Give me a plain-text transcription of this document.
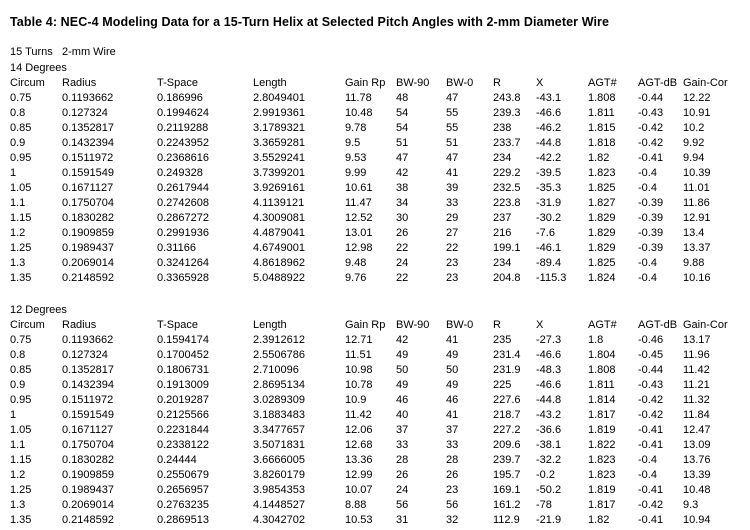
Table 4: NEC-4 Modeling Data for a 15-Turn Helix at Selected Pitch Angles with 2-mm Diameter Wire
15 Turns 2-mm Wire
14 Degrees
Circum Radius	T-Space	Length	Gain Rp BW-90 BW-0 R	X	AGT# AGT-dB Gain-Cor
0.75	0.1193662	0.186996	2.8049401	11.78 48	47	243.8 -43.1 1.808 -0.44 12.22
0.8	0.127324	0.1994624	2.9919361	10.48 54	55	239.3 -46.6 1.811 -0.43 10.91
0.85	0.1352817	0.2119288	3.1789321	9.78	54	55	238 -46.2 1.815 -0.42 10.2
0.9	0.1432394	0.2243952	3.3659281	9.5	51	51	233.7 -44.8 1.818 -0.42 9.92
0.95	0.1511972	0.2368616	3.5529241	9.53	47	47	234 -42.2 1.82	-0.41 9.94
1	0.1591549	0.249328	3.7399201	9.99	42	41	229.2 -39.5 1.823 -0.4 10.39
1.05	0.1671127	0.2617944	3.9269161	10.61 38	39	232.5 -35.3 1.825 -0.4 11.01
1.1	0.1750704	0.2742608	4.1139121	11.47 34	33	223.8 -31.9 1.827 -0.39 11.86
1.15	0.1830282	0.2867272	4.3009081	12.52 30	29	237 -30.2 1.829 -0.39 12.91
1.2	0.1909859	0.2991936	4.4879041	13.01 26	27	216 -7.6	1.829 -0.39 13.4
1.25	0.1989437	0.31166	4.6749001	12.98 22	22	199.1 -46.1 1.829 -0.39 13.37
1.3	0.2069014	0.3241264	4.8618962	9.48	24	23	234 -89.4 1.825 -0.4 9.88
1.35	0.2148592	0.3365928	5.0488922	9.76	22	23	204.8 -115.3 1.824 -0.4 10.16
12 Degrees
Circum Radius	T-Space	Length	Gain Rp BW-90 BW-0 R	X	AGT# AGT-dB Gain-Cor
0.75	0.1193662	0.1594174	2.3912612	12.71 42	41	235 -27.3 1.8	-0.46 13.17
0.8	0.127324	0.1700452	2.5506786	11.51 49	49	231.4 -46.6 1.804 -0.45 11.96
0.85	0.1352817	0.1806731	2.710096	10.98 50	50	231.9 -48.3 1.808 -0.44 11.42
0.9	0.1432394	0.1913009	2.8695134	10.78 49	49	225 -46.6 1.811 -0.43 11.21
0.95	0.1511972	0.2019287	3.0289309	10.9	46	46	227.6 -44.8 1.814 -0.42 11.32
1	0.1591549	0.2125566	3.1883483	11.42 40	41	218.7 -43.2 1.817 -0.42 11.84
1.05	0.1671127	0.2231844	3.3477657	12.06 37	37	227.2 -36.6 1.819 -0.41 12.47
1.1	0.1750704	0.2338122	3.5071831	12.68 33	33	209.6 -38.1 1.822 -0.41 13.09
1.15	0.1830282	0.24444	3.6666005	13.36 28	28	239.7 -32.2 1.823 -0.4 13.76
1.2	0.1909859	0.2550679	3.8260179	12.99 26	26	195.7 -0.2	1.823 -0.4 13.39
1.25	0.1989437	0.2656957	3.9854353	10.07 24	23	169.1 -50.2 1.819 -0.41 10.48
1.3	0.2069014	0.2763235	4.1448527	8.88	56	56	161.2 -78	1.817 -0.42 9.3
1.35	0.2148592	0.2869513	4.3042702	10.53 31	32	112.9 -21.9 1.82	-0.41 10.94
